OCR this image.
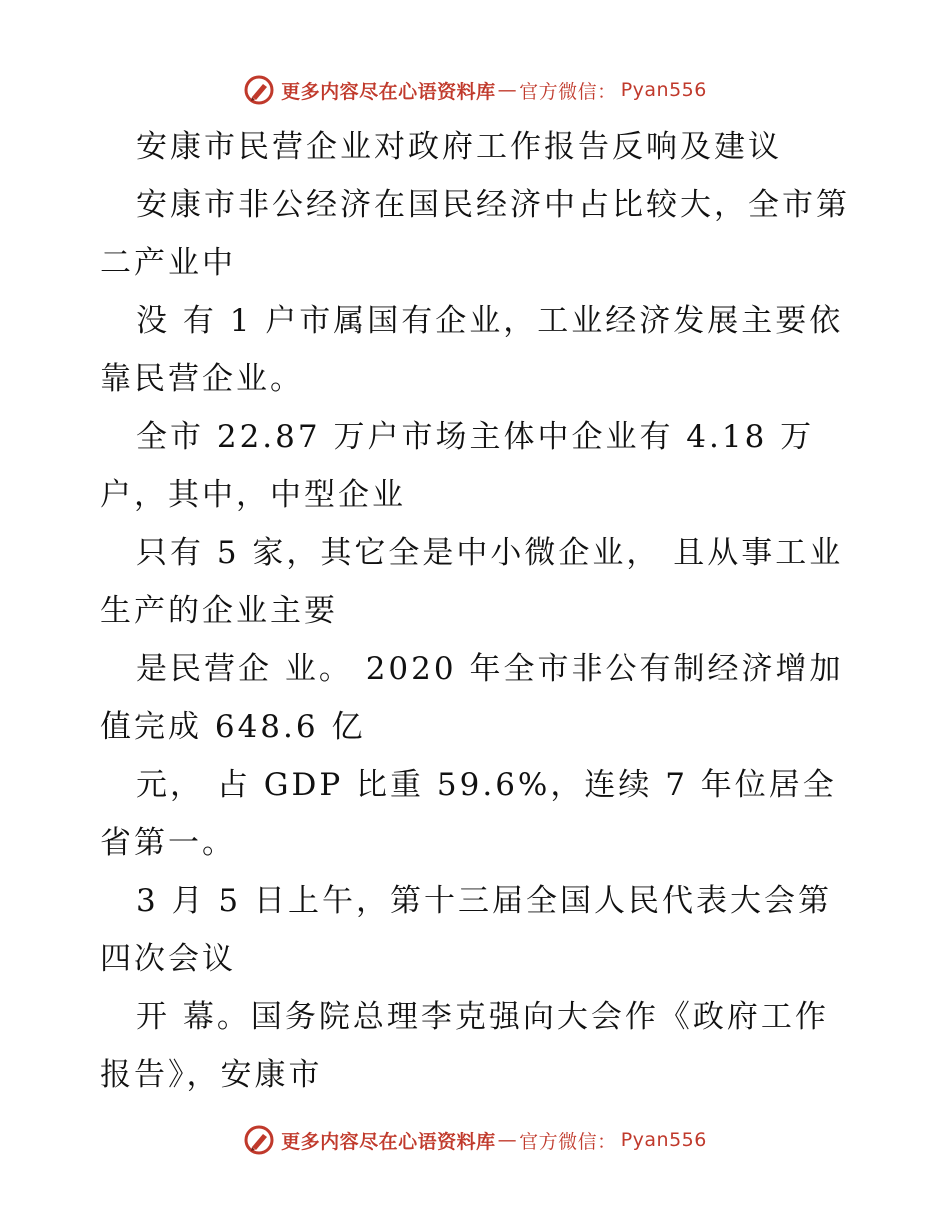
更多内容尽在心语资料库 — 官方微信： Pyan556

安康市民营企业对政府工作报告反响及建议

安康市非公经济在国民经济中占比较大，全市第二产业中

没 有 1 户市属国有企业，工业经济发展主要依靠民营企业。

全市 22.87 万户市场主体中企业有 4.18 万户，其中，中型企业

只有 5 家，其它全是中小微企业， 且从事工业生产的企业主要

是民营企 业。 2020 年全市非公有制经济增加值完成 648.6 亿

元， 占 GDP 比重 59.6%，连续 7 年位居全省第一。

3 月 5 日上午，第十三届全国人民代表大会第四次会议

开 幕。国务院总理李克强向大会作《政府工作报告》，安康市

更多内容尽在心语资料库 — 官方微信： Pyan556
